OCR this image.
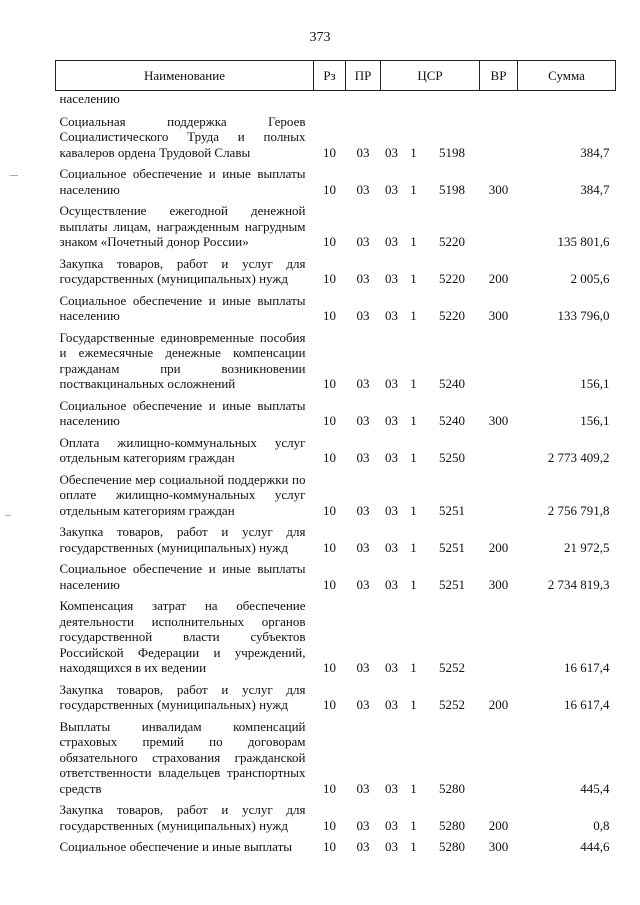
373
Наименование	Рз	ПР	ЦСР			ВР	Сумма
населению							
Социальная поддержка Героев Социалистического Труда и полных кавалеров ордена Трудовой Славы	10	03	03	1	5198		384,7
Социальное обеспечение и иные выплаты населению	10	03	03	1	5198	300	384,7
Осуществление ежегодной денежной выплаты лицам, награжденным нагрудным знаком «Почетный донор России»	10	03	03	1	5220		135 801,6
Закупка товаров, работ и услуг для государственных (муниципальных) нужд	10	03	03	1	5220	200	2 005,6
Социальное обеспечение и иные выплаты населению	10	03	03	1	5220	300	133 796,0
Государственные единовременные пособия и ежемесячные денежные компенсации гражданам при возникновении поствакцинальных осложнений	10	03	03	1	5240		156,1
Социальное обеспечение и иные выплаты населению	10	03	03	1	5240	300	156,1
Оплата жилищно-коммунальных услуг отдельным категориям граждан	10	03	03	1	5250		2 773 409,2
Обеспечение мер социальной поддержки по оплате жилищно-коммунальных услуг отдельным категориям граждан	10	03	03	1	5251		2 756 791,8
Закупка товаров, работ и услуг для государственных (муниципальных) нужд	10	03	03	1	5251	200	21 972,5
Социальное обеспечение и иные выплаты населению	10	03	03	1	5251	300	2 734 819,3
Компенсация затрат на обеспечение деятельности исполнительных органов государственной власти субъектов Российской Федерации и учреждений, находящихся в их ведении	10	03	03	1	5252		16 617,4
Закупка товаров, работ и услуг для государственных (муниципальных) нужд	10	03	03	1	5252	200	16 617,4
Выплаты инвалидам компенсаций страховых премий по договорам обязательного страхования гражданской ответственности владельцев транспортных средств	10	03	03	1	5280		445,4
Закупка товаров, работ и услуг для государственных (муниципальных) нужд	10	03	03	1	5280	200	0,8
Социальное обеспечение и иные выплаты	10	03	03	1	5280	300	444,6
